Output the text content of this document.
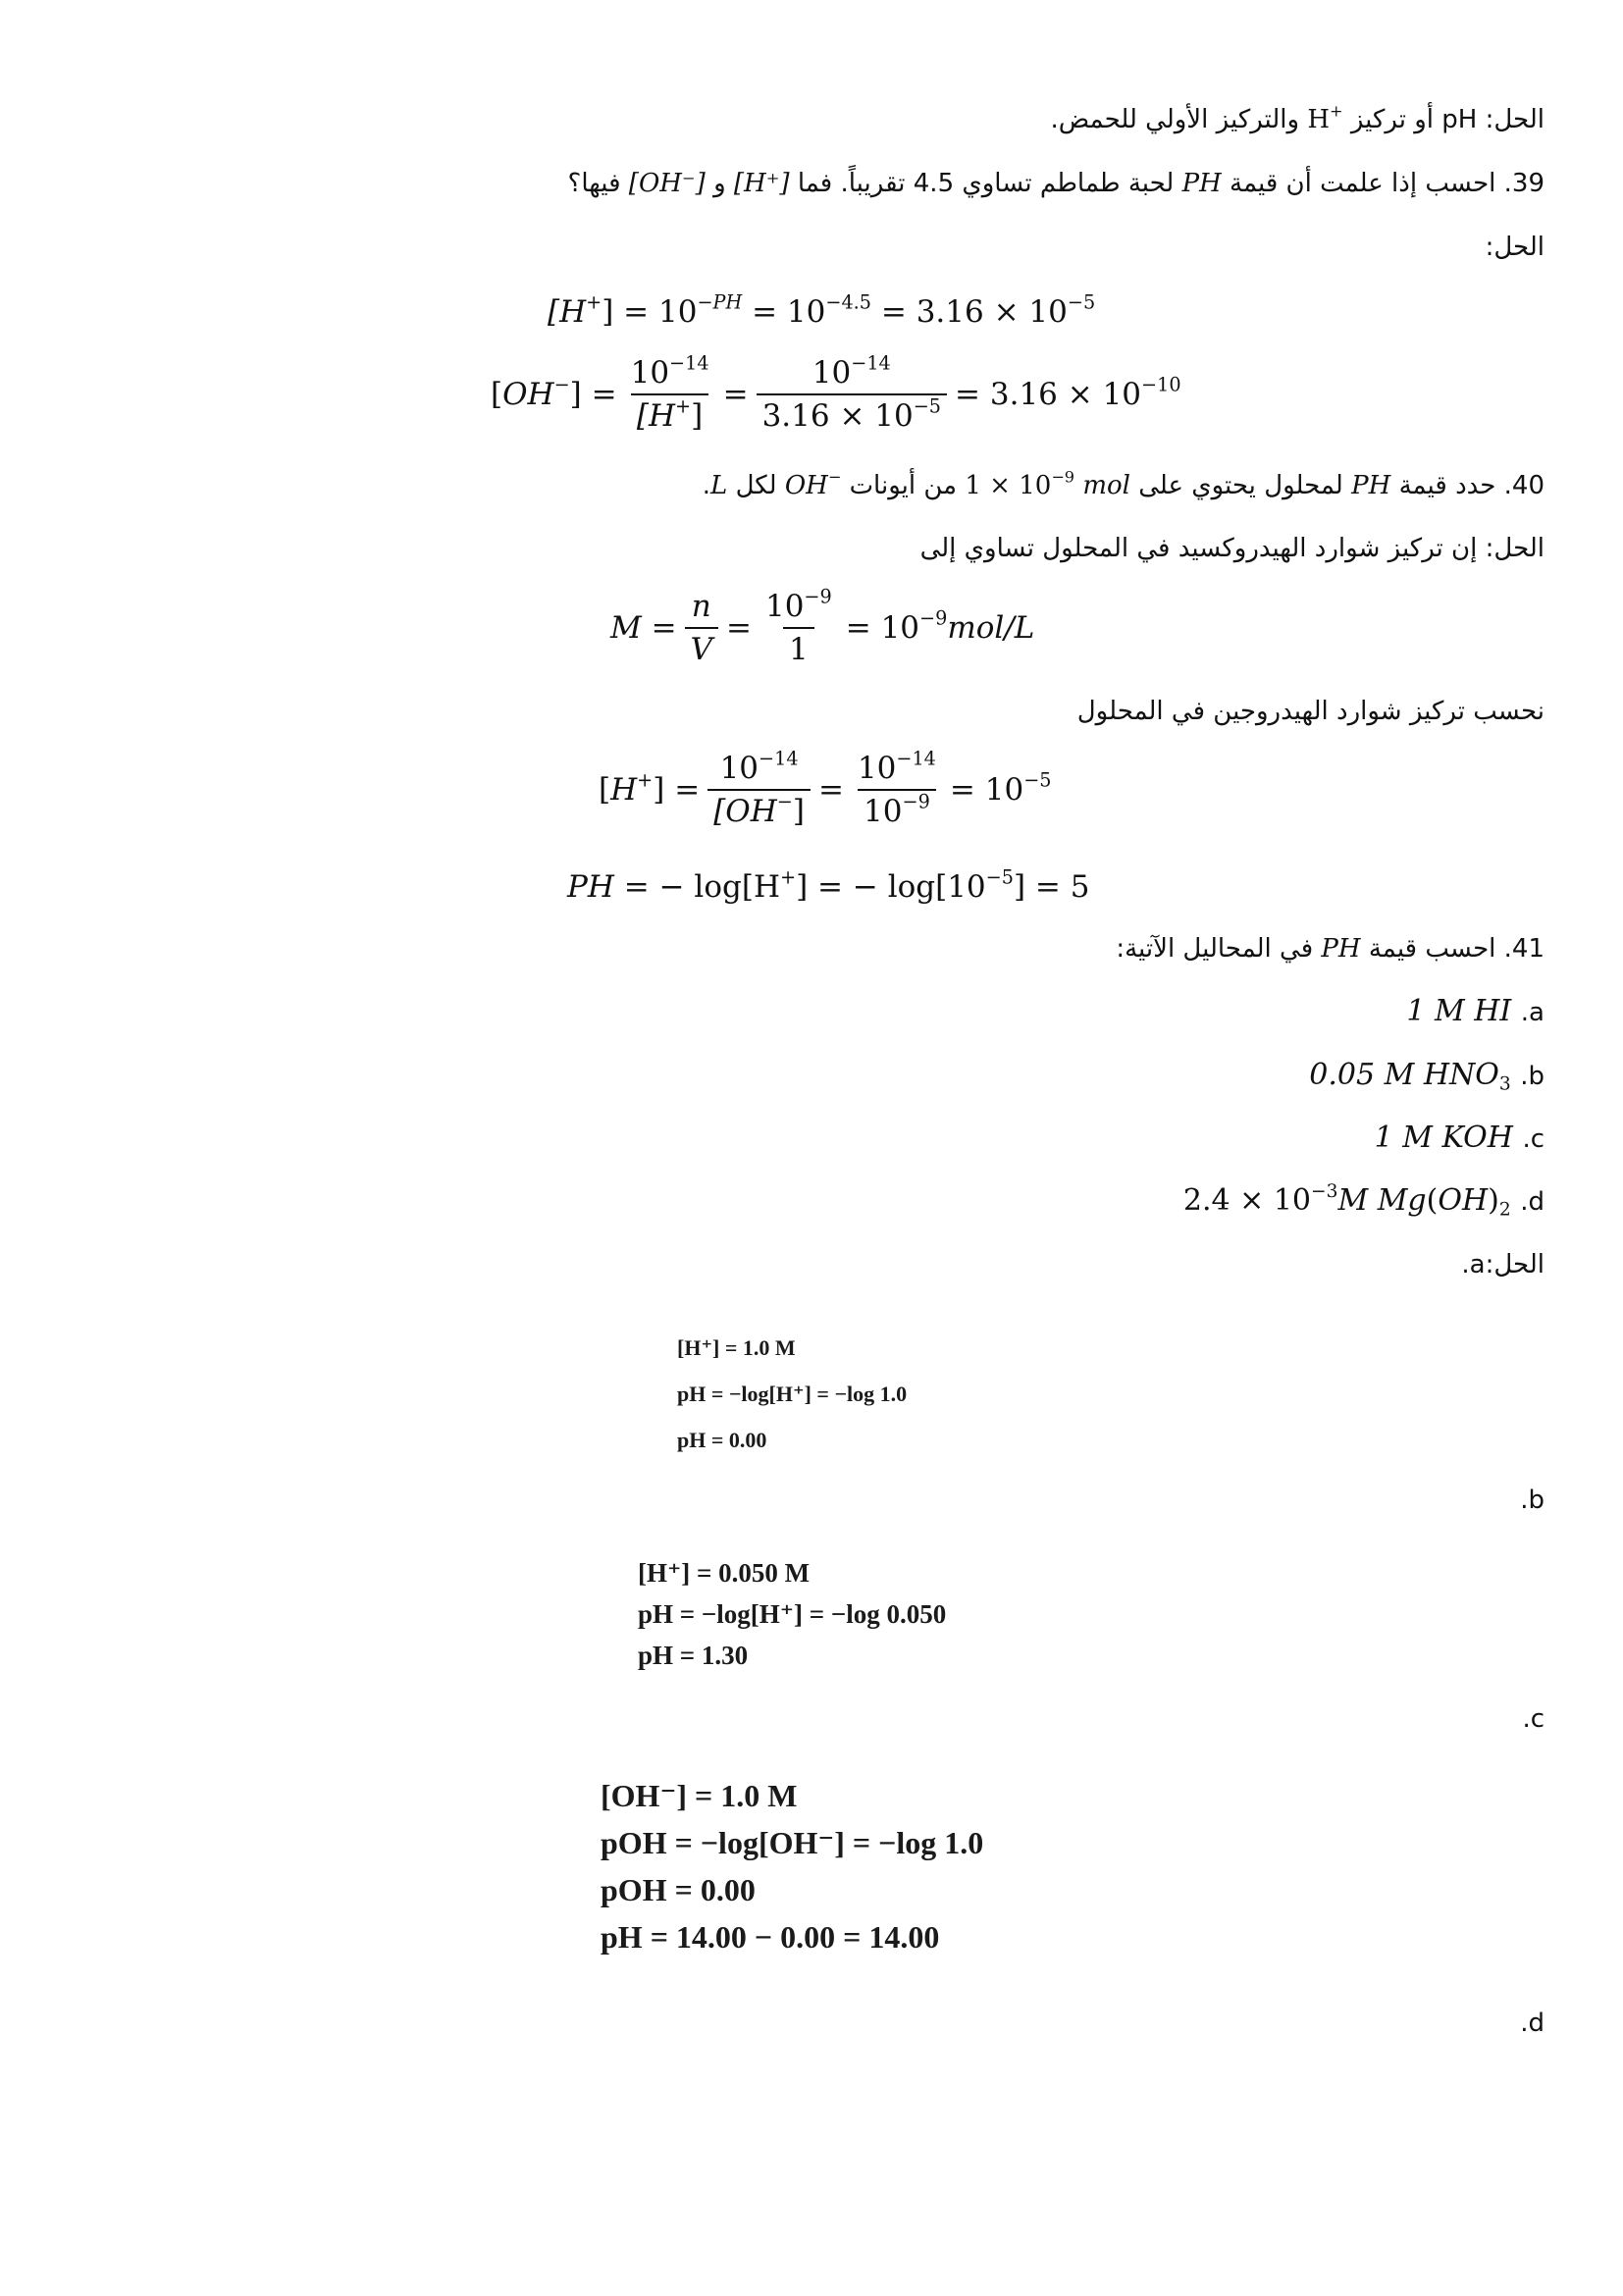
الحل: pH أو تركيز H+ والتركيز الأولي للحمض.
39. احسب إذا علمت أن قيمة PH لحبة طماطم تساوي 4.5 تقريباً. فما [H⁺] و [OH⁻] فيها؟
الحل:
$[H^+] = 10^{-PH} = 10^{-4.5} = 3.16 \times 10^{-5}$
$[OH^-] = \frac{10^{-14}}{[H^+]} = \frac{10^{-14}}{3.16 \times 10^{-5}} = 3.16 \times 10^{-10}$
40. حدد قيمة PH لمحلول يحتوي على $1 \times 10^{-9}$ mol من أيونات OH− لكل L.
الحل: إن تركيز شوارد الهيدروكسيد في المحلول تساوي إلى
$M = \frac{n}{V} = \frac{10^{-9}}{1} = 10^{-9}mol/L$
نحسب تركيز شوارد الهيدروجين في المحلول
$[H^+] = \frac{10^{-14}}{[OH^-]} = \frac{10^{-14}}{10^{-9}} = 10^{-5}$
PH = − log[H+] = − $\log[10^{-5}] = 5$
41. احسب قيمة PH في المحاليل الآتية:
1 M HI .a
0.05 M $HNO_3$ .b
1 M KOH .c
$2.4 \times 10^{-3}M$ $Mg(OH)_2$ .d
الحل:a.
[H⁺] = 1.0 M
pH = −log[H⁺] = −log 1.0
pH = 0.00
.b
[H⁺] = 0.050 M
pH = −log[H⁺] = −log 0.050
pH = 1.30
.c
[OH⁻] = 1.0 M
pOH = −log[OH⁻] = −log 1.0
pOH = 0.00
pH = 14.00 − 0.00 = 14.00
.d
